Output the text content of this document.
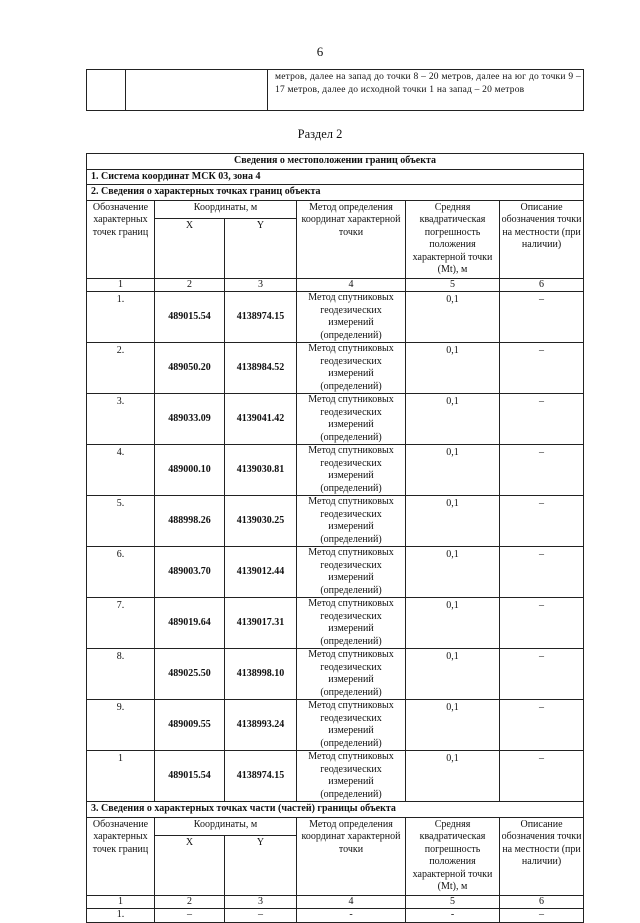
6
		метров, далее на запад до точки 8 – 20 метров, далее на юг до точки 9 – 17 метров, далее до исходной точки 1 на запад – 20 метров
Раздел 2
Сведения о местоположении границ объекта					
1. Система координат МСК 03, зона 4					
2. Сведения о характерных точках границ объекта					
Обозначение характерных точек границ	Координаты, м		Метод определения координат характерной точки	Средняя квадратическая погрешность положения характерной точки (Mt), м	Описание обозначения точки на местности (при наличии)
	X	Y			
1	2	3	4	5	6
1.	489015.54	4138974.15	Метод спутниковых геодезических измерений (определений)	0,1	–
2.	489050.20	4138984.52	Метод спутниковых геодезических измерений (определений)	0,1	–
3.	489033.09	4139041.42	Метод спутниковых геодезических измерений (определений)	0,1	–
4.	489000.10	4139030.81	Метод спутниковых геодезических измерений (определений)	0,1	–
5.	488998.26	4139030.25	Метод спутниковых геодезических измерений (определений)	0,1	–
6.	489003.70	4139012.44	Метод спутниковых геодезических измерений (определений)	0,1	–
7.	489019.64	4139017.31	Метод спутниковых геодезических измерений (определений)	0,1	–
8.	489025.50	4138998.10	Метод спутниковых геодезических измерений (определений)	0,1	–
9.	489009.55	4138993.24	Метод спутниковых геодезических измерений (определений)	0,1	–
1	489015.54	4138974.15	Метод спутниковых геодезических измерений (определений)	0,1	–
3. Сведения о характерных точках части (частей) границы объекта					
Обозначение характерных точек границ	Координаты, м		Метод определения координат характерной точки	Средняя квадратическая погрешность положения характерной точки (Mt), м	Описание обозначения точки на местности (при наличии)
	X	Y			
1	2	3	4	5	6
1.	–	–	-	-	–
